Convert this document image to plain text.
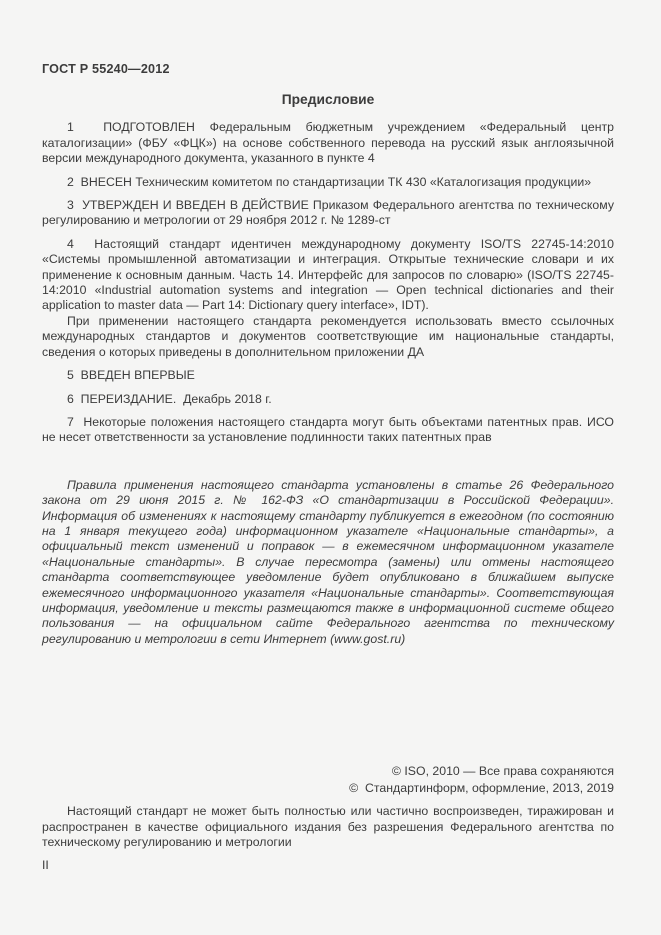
ГОСТ Р 55240—2012
Предисловие

1  ПОДГОТОВЛЕН Федеральным бюджетным учреждением «Федеральный центр каталогизации» (ФБУ «ФЦК») на основе собственного перевода на русский язык англоязычной версии международного документа, указанного в пункте 4

2  ВНЕСЕН Техническим комитетом по стандартизации ТК 430 «Каталогизация продукции»

3  УТВЕРЖДЕН И ВВЕДЕН В ДЕЙСТВИЕ Приказом Федерального агентства по техническому регулированию и метрологии от 29 ноября 2012 г. № 1289-ст

4  Настоящий стандарт идентичен международному документу ISO/TS 22745-14:2010 «Системы промышленной автоматизации и интеграция. Открытые технические словари и их применение к основным данным. Часть 14. Интерфейс для запросов по словарю» (ISO/TS 22745-14:2010 «Industrial automation systems and integration — Open technical dictionaries and their application to master data — Part 14: Dictionary query interface», IDT).

При применении настоящего стандарта рекомендуется использовать вместо ссылочных международных стандартов и документов соответствующие им национальные стандарты, сведения о которых приведены в дополнительном приложении ДА

5  ВВЕДЕН ВПЕРВЫЕ

6  ПЕРЕИЗДАНИЕ.  Декабрь 2018 г.

7  Некоторые положения настоящего стандарта могут быть объектами патентных прав. ИСО не несет ответственности за установление подлинности таких патентных прав

Правила применения настоящего стандарта установлены в статье 26 Федерального закона от 29 июня 2015 г. № 162-ФЗ «О стандартизации в Российской Федерации». Информация об изменениях к настоящему стандарту публикуется в ежегодном (по состоянию на 1 января текущего года) информационном указателе «Национальные стандарты», а официальный текст изменений и поправок — в ежемесячном информационном указателе «Национальные стандарты». В случае пересмотра (замены) или отмены настоящего стандарта соответствующее уведомление будет опубликовано в ближайшем выпуске ежемесячного информационного указателя «Национальные стандарты». Соответствующая информация, уведомление и тексты размещаются также в информационной системе общего пользования — на официальном сайте Федерального агентства по техническому регулированию и метрологии в сети Интернет (www.gost.ru)

© ISO, 2010 — Все права сохраняются
©  Стандартинформ, оформление, 2013, 2019

Настоящий стандарт не может быть полностью или частично воспроизведен, тиражирован и распространен в качестве официального издания без разрешения Федерального агентства по техническому регулированию и метрологии

II
